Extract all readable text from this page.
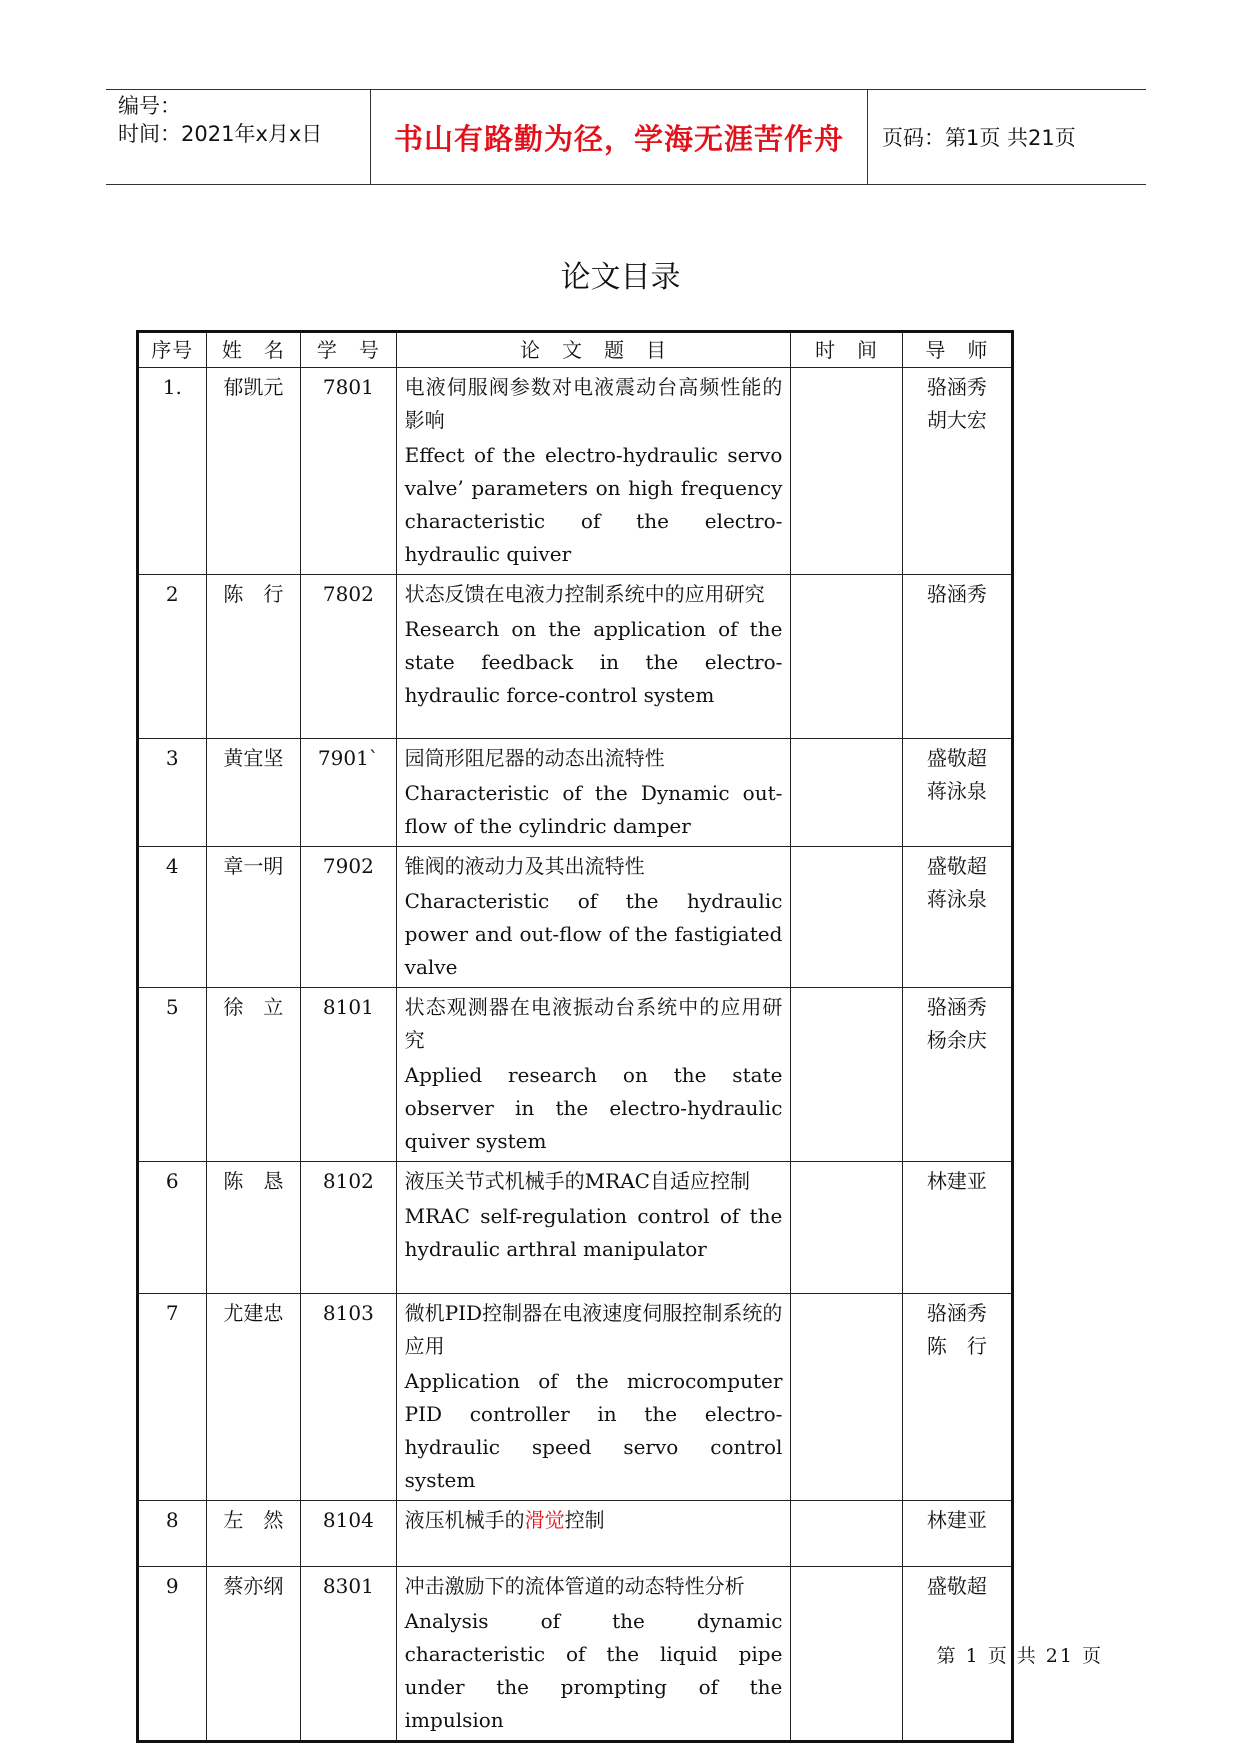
编号：
时间：2021年x月x日	书山有路勤为径，学海无涯苦作舟	页码：第1页 共21页
论文目录
序号	姓　名	学　号	论　文　题　目	时　间	导　师
1.	郁凯元	7801	电液伺服阀参数对电液震动台高频性能的影响
Effect of the electro-hydraulic servo valve’ parameters on high frequency characteristic of the electro-hydraulic quiver		骆涵秀
胡大宏

2	陈　行	7802	状态反馈在电液力控制系统中的应用研究
Research on the application of the state feedback in the electro-hydraulic force-control system		骆涵秀

3	黄宜坚	7901`	园筒形阻尼器的动态出流特性
Characteristic of the Dynamic out-flow of the cylindric damper		盛敬超
蒋泳泉

4	章一明	7902	锥阀的液动力及其出流特性
Characteristic of the hydraulic power and out-flow of the fastigiated valve		盛敬超
蒋泳泉

5	徐　立	8101	状态观测器在电液振动台系统中的应用研究
Applied research on the state observer in the electro-hydraulic quiver system		骆涵秀
杨余庆

6	陈　恳	8102	液压关节式机械手的MRAC自适应控制
MRAC self-regulation control of the hydraulic arthral manipulator		林建亚

7	尤建忠	8103	微机PID控制器在电液速度伺服控制系统的应用
Application of the microcomputer PID controller in the electro-hydraulic speed servo control system		骆涵秀
陈　行

8	左　然	8104	液压机械手的滑觉控制		林建亚

9	蔡亦纲	8301	冲击激励下的流体管道的动态特性分析
Analysis of the dynamic characteristic of the liquid pipe under the prompting of the impulsion		盛敬超
第 1 页 共 21 页
